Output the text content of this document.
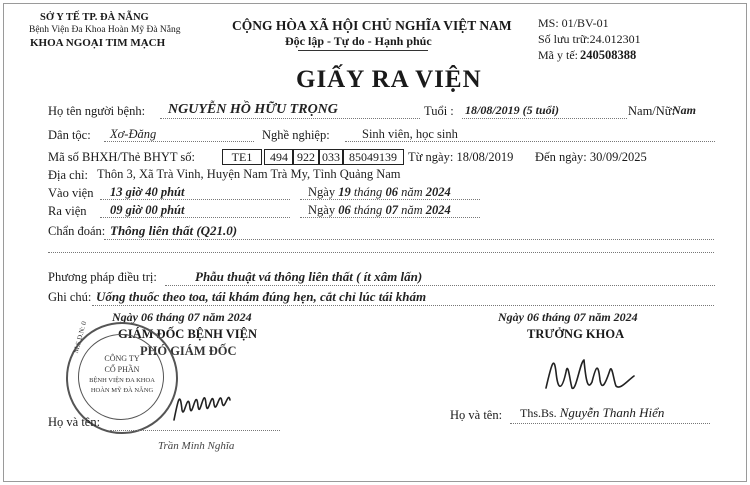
SỞ Y TẾ TP. ĐÀ NẴNG
Bệnh Viện Đa Khoa Hoàn Mỹ Đà Nẵng
KHOA NGOẠI TIM MẠCH
CỘNG HÒA XÃ HỘI CHỦ NGHĨA VIỆT NAM
Độc lập - Tự do - Hạnh phúc
MS: 01/BV-01
Số lưu trữ:24.012301
Mã y tế: 240508388
GIẤY RA VIỆN
Họ tên người bệnh: NGUYỄN HỒ HỮU TRỌNG	Tuổi : 18/08/2019 (5 tuổi)	Nam/Nữ:
Nam
Dân tộc: Xơ-Đăng	Nghề nghiệp:	Sinh viên, học sinh
Mã số BHXH/Thẻ BHYT số:	TE1	494 922 033 85049139 Từ ngày: 18/08/2019 Đến ngày: 30/09/2025
Địa chỉ: Thôn 3, Xã Trà Vinh, Huyện Nam Trà My, Tỉnh Quảng Nam
Vào viện 13 giờ 40 phút	Ngày 19 tháng 06 năm 2024
Ra viện 09 giờ 00 phút	Ngày 06 tháng 07 năm 2024
Chẩn đoán: Thông liên thất (Q21.0)
Phương pháp điều trị:	Phẫu thuật vá thông liên thất ( ít xâm lấn)
Ghi chú: Uống thuốc theo toa, tái khám đúng hẹn, cắt chỉ lúc tái khám
Ngày 06 tháng 07 năm 2024
GIÁM ĐỐC BỆNH VIỆN
PHÓ GIÁM ĐỐC
CÔNG TY
CỔ PHẦN
BỆNH VIỆN ĐA KHOA
HOÀN MỸ ĐÀ NẴNG
M.S.D.N: 0
Họ và tên:
Trần Minh Nghĩa
Ngày 06 tháng 07 năm 2024
TRƯỞNG KHOA
Họ và tên: Ths.Bs. Nguyễn Thanh Hiển
